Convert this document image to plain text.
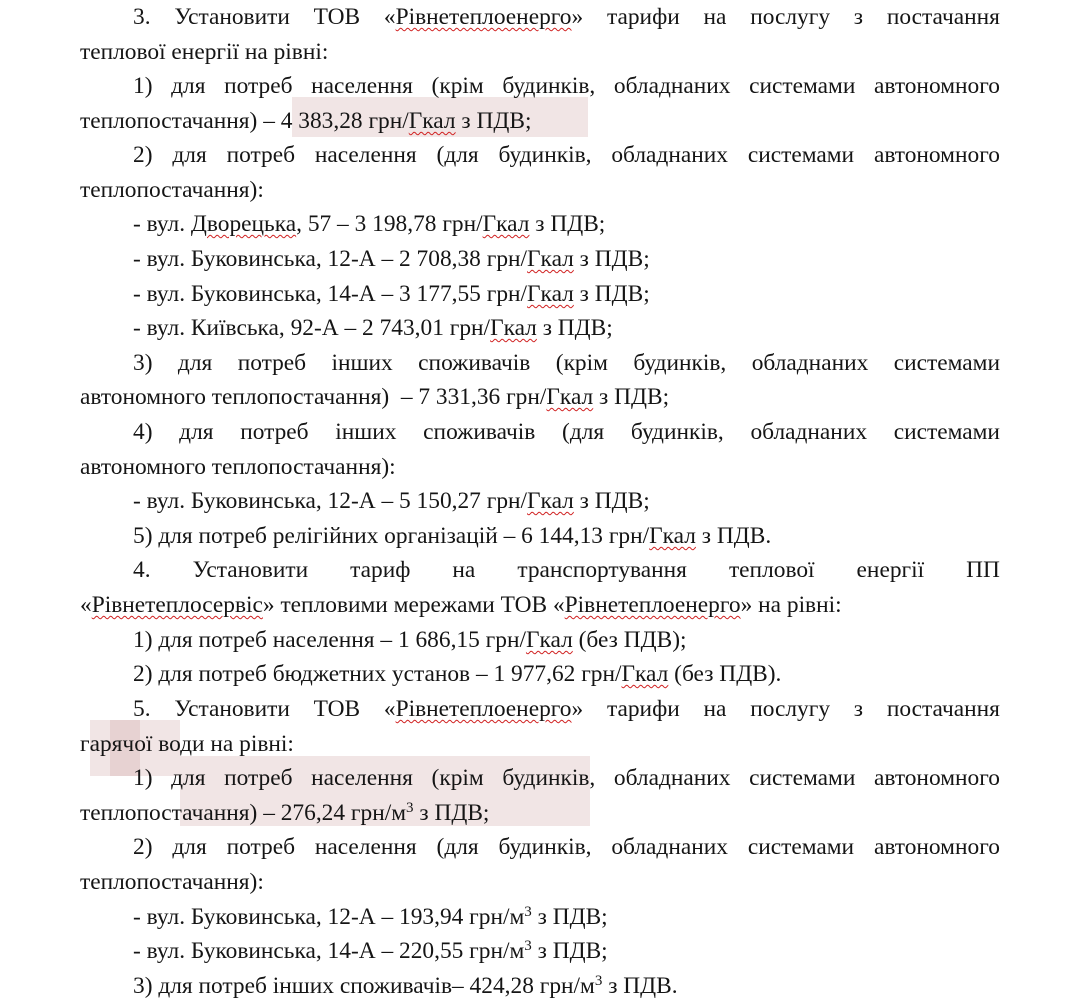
3. Установити ТОВ «Рівнетеплоенерго» тарифи на послугу з постачання
теплової енергії на рівні:
1) для потреб населення (крім будинків, обладнаних системами автономного
теплопостачання) – 4 383,28 грн/Гкал з ПДВ;
2) для потреб населення (для будинків, обладнаних системами автономного
теплопостачання):
- вул. Дворецька, 57 – 3 198,78 грн/Гкал з ПДВ;
- вул. Буковинська, 12-А – 2 708,38 грн/Гкал з ПДВ;
- вул. Буковинська, 14-А – 3 177,55 грн/Гкал з ПДВ;
- вул. Київська, 92-А – 2 743,01 грн/Гкал з ПДВ;
3) для потреб інших споживачів (крім будинків, обладнаних системами
автономного теплопостачання)  – 7 331,36 грн/Гкал з ПДВ;
4) для потреб інших споживачів (для будинків, обладнаних системами
автономного теплопостачання):
- вул. Буковинська, 12-А – 5 150,27 грн/Гкал з ПДВ;
5) для потреб релігійних організацій – 6 144,13 грн/Гкал з ПДВ.
4. Установити тариф на транспортування теплової енергії ПП
«Рівнетеплосервіс» тепловими мережами ТОВ «Рівнетеплоенерго» на рівні:
1) для потреб населення – 1 686,15 грн/Гкал (без ПДВ);
2) для потреб бюджетних установ – 1 977,62 грн/Гкал (без ПДВ).
5. Установити ТОВ «Рівнетеплоенерго» тарифи на послугу з постачання
гарячої води на рівні:
1) для потреб населення (крім будинків, обладнаних системами автономного
теплопостачання) – 276,24 грн/$м^3$ з ПДВ;
2) для потреб населення (для будинків, обладнаних системами автономного
теплопостачання):
- вул. Буковинська, 12-А – 193,94 грн/$м^3$ з ПДВ;
- вул. Буковинська, 14-А – 220,55 грн/$м^3$ з ПДВ;
3) для потреб інших споживачів– 424,28 грн/$м^3$ з ПДВ.
